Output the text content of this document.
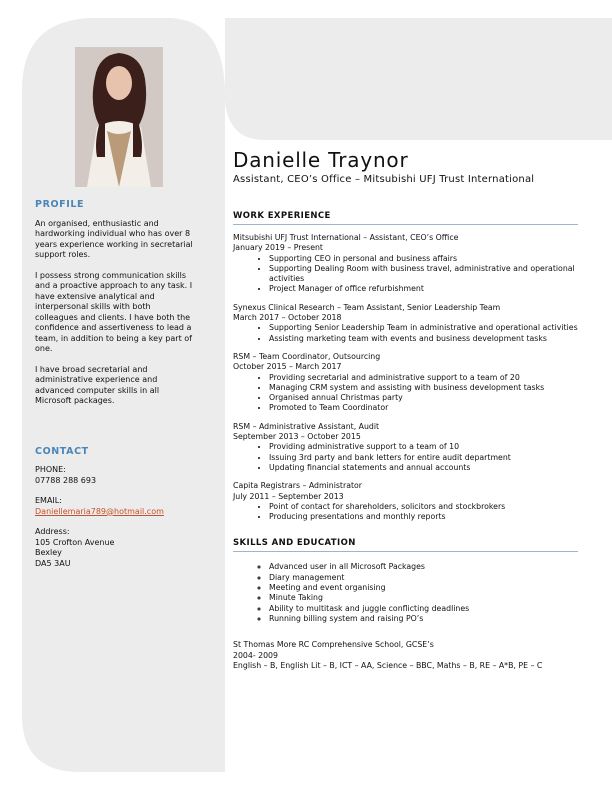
PROFILE

An organised, enthusiastic and hardworking individual who has over 8 years experience working in secretarial support roles.

I possess strong communication skills and a proactive approach to any task. I have extensive analytical and interpersonal skills with both colleagues and clients. I have both the confidence and assertiveness to lead a team, in addition to being a key part of one.

I have broad secretarial and administrative experience and advanced computer skills in all Microsoft packages.

CONTACT
PHONE:
07788 288 693
EMAIL:
Daniellemaria789@hotmail.com
Address:
105 Crofton Avenue
Bexley
DA5 3AU
Danielle Traynor
Assistant, CEO’s Office – Mitsubishi UFJ Trust International
WORK EXPERIENCE
Mitsubishi UFJ Trust International – Assistant, CEO’s Office
January 2019 – Present
• Supporting CEO in personal and business affairs
• Supporting Dealing Room with business travel, administrative and operational activities
• Project Manager of office refurbishment
Synexus Clinical Research – Team Assistant, Senior Leadership Team
March 2017 – October 2018
• Supporting Senior Leadership Team in administrative and operational activities
• Assisting marketing team with events and business development tasks
RSM – Team Coordinator, Outsourcing
October 2015 – March 2017
• Providing secretarial and administrative support to a team of 20
• Managing CRM system and assisting with business development tasks
• Organised annual Christmas party
• Promoted to Team Coordinator
RSM – Administrative Assistant, Audit
September 2013 – October 2015
• Providing administrative support to a team of 10
• Issuing 3rd party and bank letters for entire audit department
• Updating financial statements and annual accounts
Capita Registrars – Administrator
July 2011 – September 2013
• Point of contact for shareholders, solicitors and stockbrokers
• Producing presentations and monthly reports
SKILLS AND EDUCATION
◦ Advanced user in all Microsoft Packages
◦ Diary management
◦ Meeting and event organising
◦ Minute Taking
◦ Ability to multitask and juggle conflicting deadlines
◦ Running billing system and raising PO’s
St Thomas More RC Comprehensive School, GCSE’s
2004- 2009
English – B, English Lit – B, ICT – AA, Science – BBC, Maths – B, RE – A*B, PE – C
